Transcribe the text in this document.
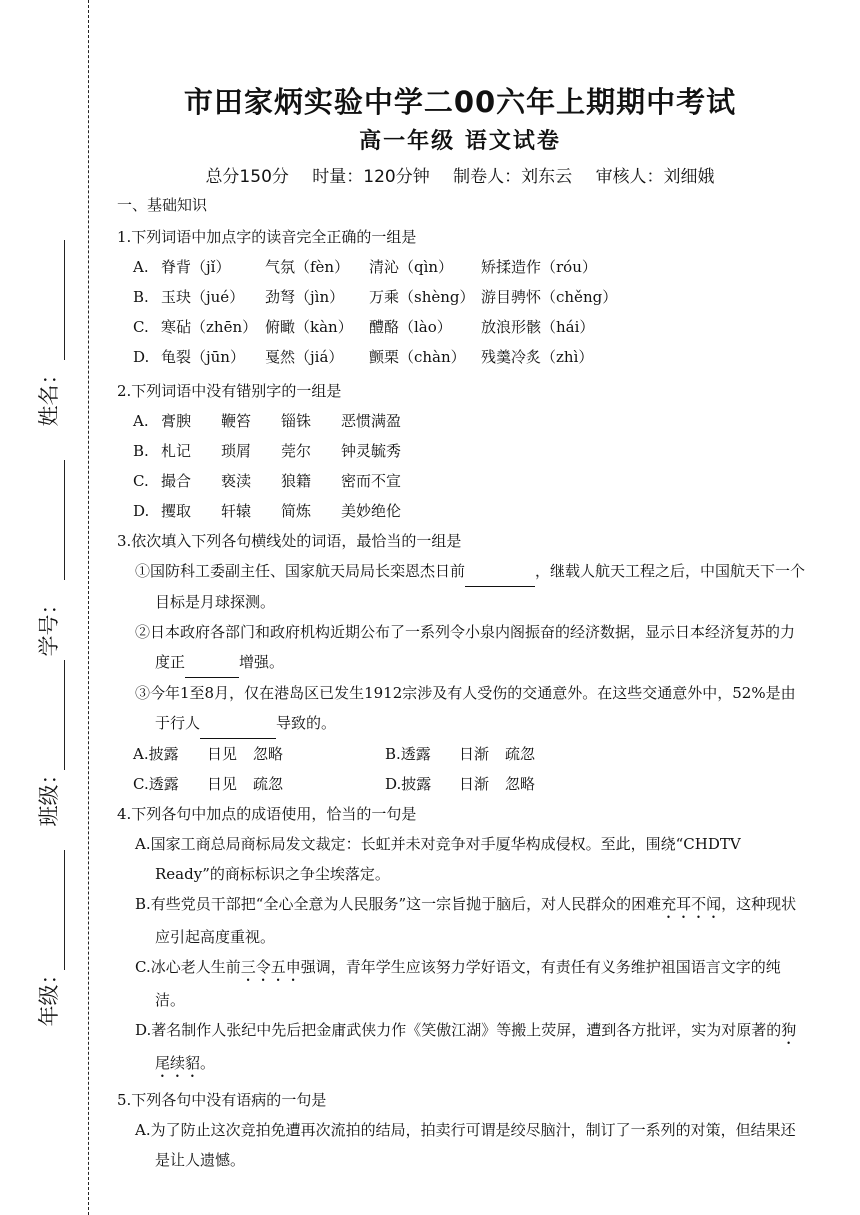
姓名：
学号：
班级：
年级：
市田家炳实验中学二00六年上期期中考试
高一年级 语文试卷
总分150分 时量：120分钟 制卷人：刘东云 审核人：刘细娥
一、基础知识
1.下列词语中加点字的读音完全正确的一组是
A. 脊背（jǐ）	气氛（fèn）	清沁（qìn）	矫揉造作（róu）
B. 玉玦（jué）	劲弩（jìn）	万乘（shèng） 游目骋怀（chěng）
C. 寒砧（zhēn） 俯瞰（kàn）	醴酪（lào）	放浪形骸（hái）
D. 龟裂（jūn）	戛然（jiá）	颤栗（chàn）	残羹冷炙（zhì）
2.下列词语中没有错别字的一组是
A. 膏腴	鞭笞	锱铢	恶惯满盈
B. 札记	琐屑	莞尔	钟灵毓秀
C. 撮合	亵渎	狼籍	密而不宣
D. 攫取	轩辕	简炼	美妙绝伦
3.依次填入下列各句横线处的词语，最恰当的一组是
①国防科工委副主任、国家航天局局长栾恩杰日前	，继载人航天工程之后，中国航天下一个目标是月球探测。
②日本政府各部门和政府机构近期公布了一系列令小泉内阁振奋的经济数据，显示日本经济复苏的力度正	增强。
③今年1至8月，仅在港岛区已发生1912宗涉及有人受伤的交通意外。在这些交通意外中，52%是由于行人	导致的。
A.披露	日见	忽略	B.透露	日渐	疏忽
C.透露	日见	疏忽	D.披露	日渐	忽略
4.下列各句中加点的成语使用，恰当的一句是
A.国家工商总局商标局发文裁定：长虹并未对竞争对手厦华构成侵权。至此，围绕“CHDTV Ready”的商标标识之争尘埃落定。
B.有些党员干部把“全心全意为人民服务”这一宗旨抛于脑后，对人民群众的困难充耳不闻，这种现状应引起高度重视。
C.冰心老人生前三令五申强调，青年学生应该努力学好语文，有责任有义务维护祖国语言文字的纯洁。
D.著名制作人张纪中先后把金庸武侠力作《笑傲江湖》等搬上荧屏，遭到各方批评，实为对原著的狗尾续貂。
5.下列各句中没有语病的一句是
A.为了防止这次竞拍免遭再次流拍的结局，拍卖行可谓是绞尽脑汁，制订了一系列的对策，但结果还是让人遗憾。
